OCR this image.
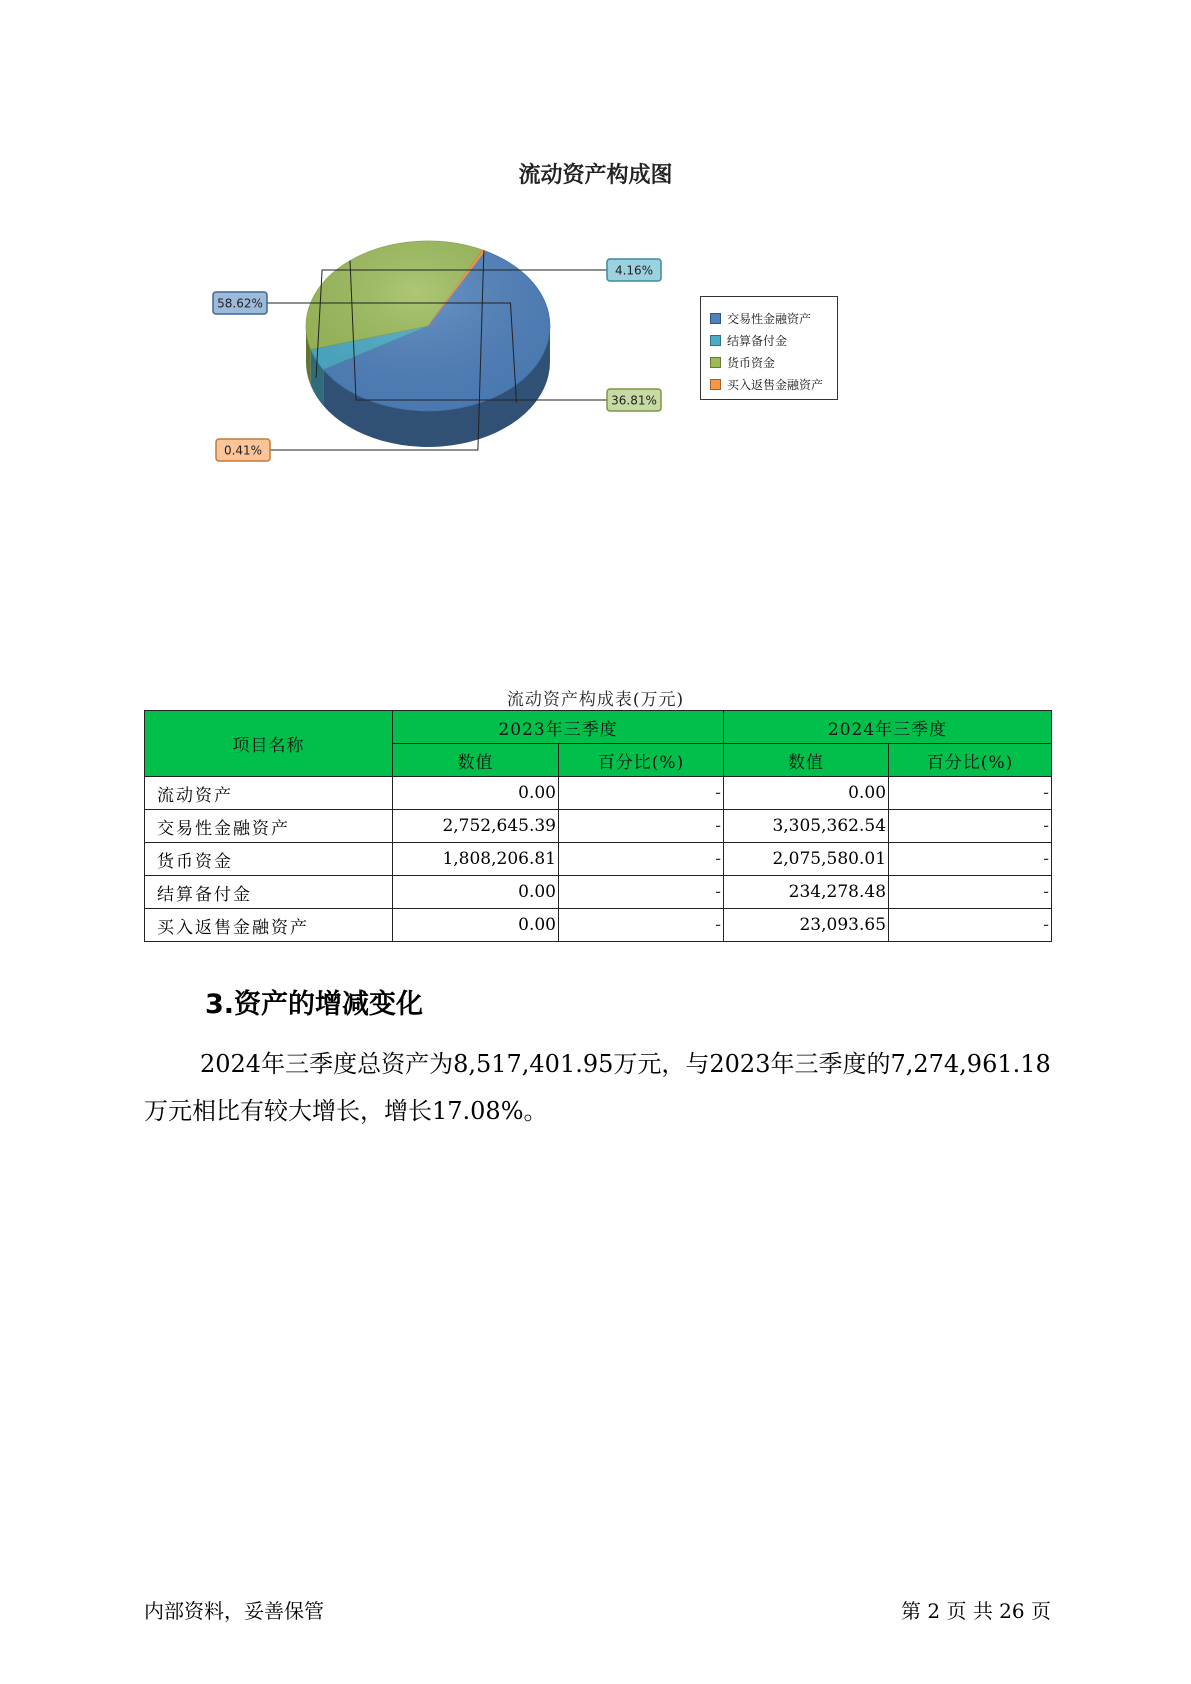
流动资产构成图
58.62%
4.16%
36.81%
0.41%
交易性金融资产
结算备付金
货币资金
买入返售金融资产
流动资产构成表(万元)
项目名称	2023年三季度		2024年三季度	
	数值	百分比(%)	数值	百分比(%)
流动资产	0.00	-	0.00	-
交易性金融资产	2,752,645.39	-	3,305,362.54	-
货币资金	1,808,206.81	-	2,075,580.01	-
结算备付金	0.00	-	234,278.48	-
买入返售金融资产	0.00	-	23,093.65	-
3.资产的增减变化
2024年三季度总资产为8,517,401.95万元，与2023年三季度的7,274,961.18万元相比有较大增长，增长17.08%。
内部资料，妥善保管	第 2 页 共 26 页
